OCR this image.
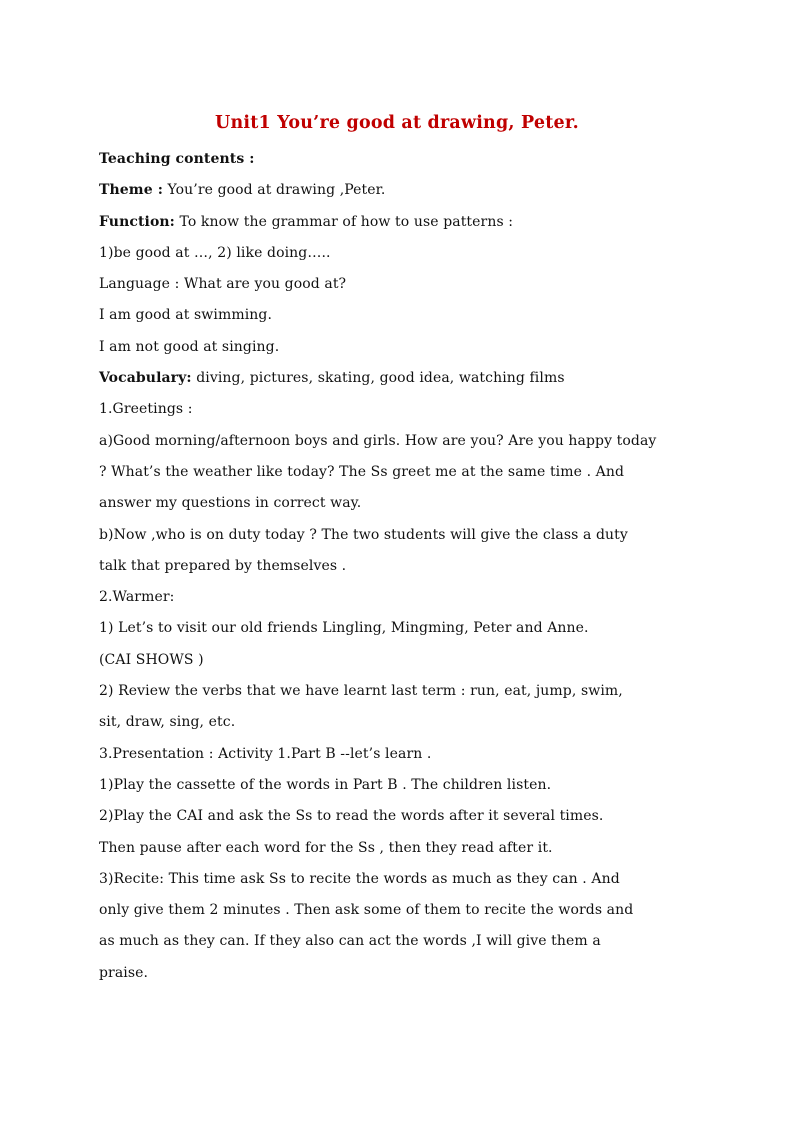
Unit1 You’re good at drawing, Peter.
Teaching contents :
Theme : You’re good at drawing ,Peter.
Function: To know the grammar of how to use patterns :
1)be good at …, 2) like doing…..
Language : What are you good at?
I am good at swimming.
I am not good at singing.
Vocabulary: diving, pictures, skating, good idea, watching films
1.Greetings :
a)Good morning/afternoon boys and girls. How are you? Are you happy today
? What’s the weather like today? The Ss greet me at the same time . And
answer my questions in correct way.
b)Now ,who is on duty today ? The two students will give the class a duty
talk that prepared by themselves .
2.Warmer:
1) Let’s to visit our old friends Lingling, Mingming, Peter and Anne.
(CAI SHOWS )
2) Review the verbs that we have learnt last term : run, eat, jump, swim,
sit, draw, sing, etc.
3.Presentation : Activity 1.Part B --let’s learn .
1)Play the cassette of the words in Part B . The children listen.
2)Play the CAI and ask the Ss to read the words after it several times.
Then pause after each word for the Ss , then they read after it.
3)Recite: This time ask Ss to recite the words as much as they can . And
only give them 2 minutes . Then ask some of them to recite the words and
as much as they can. If they also can act the words ,I will give them a
praise.
